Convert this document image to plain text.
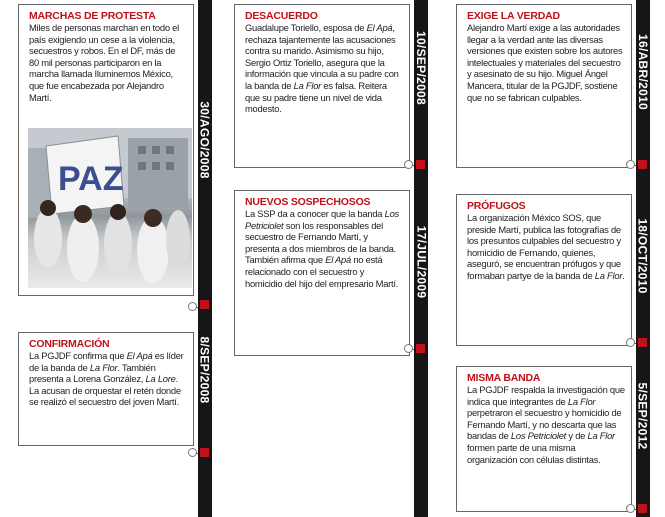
MARCHAS DE PROTESTA

Miles de personas marchan en todo el país exigiendo un cese a la violencia, secuestros y robos. En el DF, más de 80 mil personas participaron en la marcha llamada Iluminemos México, que fue encabezada por Alejandro Martí.

PAZ

CONFIRMACIÓN

La PGJDF confirma que El Apá es líder de la banda de La Flor. También presenta a Lorena González, La Lore. La acusan de orquestar el retén donde se realizó el secuestro del joven Martí.

30/AGO/2008
8/SEP/2008

DESACUERDO

Guadalupe Toriello, esposa de El Apá, rechaza tajantemente las acusaciones contra su marido. Asimismo su hijo, Sergio Ortiz Toriello, asegura que la información que vincula a su padre con la banda de La Flor es falsa. Reitera que su padre tiene un nivel de vida modesto.

NUEVOS SOSPECHOSOS

La SSP da a conocer que la banda Los Petriciolet son los responsables del secuestro de Fernando Martí, y presenta a dos miembros de la banda. También afirma que El Apá no está relacionado con el secuestro y homicidio del hijo del empresario Martí.

10/SEP/2008
17/JUL/2009

EXIGE LA VERDAD

Alejandro Martí exige a las autoridades llegar a la verdad ante las diversas versiones que existen sobre los autores intelectuales y materiales del secuestro y asesinato de su hijo. Miguel Ángel Mancera, titular de la PGJDF, sostiene que no se fabrican culpables.

PRÓFUGOS

La organización México SOS, que preside Martí, publica las fotografías de los presuntos culpables del secuestro y homicidio de Fernando, quienes, aseguró, se encuentran prófugos y que formaban partye de la banda de La Flor.

MISMA BANDA

La PGJDF respalda la investigación que indica que integrantes de La Flor perpetraron el secuestro y homicidio de Fernando Martí, y no descarta que las bandas de Los Petriciolet y de La Flor formen parte de una misma organización con células distintas.

16/ABR/2010
18/OCT/2010
5/SEP/2012
